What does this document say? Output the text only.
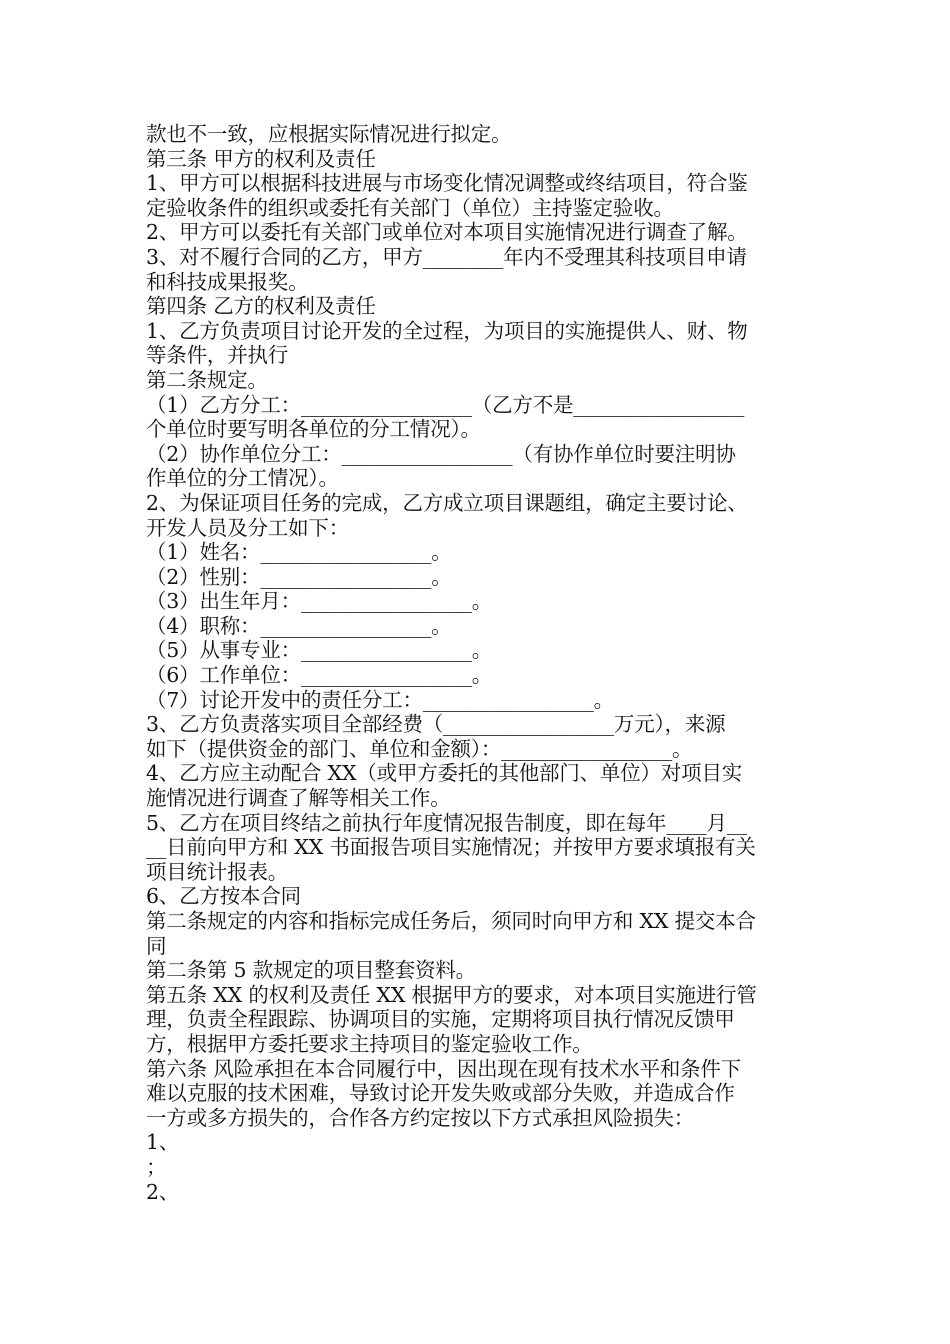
款也不一致，应根据实际情况进行拟定。
第三条 甲方的权利及责任
1、甲方可以根据科技进展与市场变化情况调整或终结项目，符合鉴
定验收条件的组织或委托有关部门（单位）主持鉴定验收。
2、甲方可以委托有关部门或单位对本项目实施情况进行调查了解。
3、对不履行合同的乙方，甲方________年内不受理其科技项目申请
和科技成果报奖。
第四条 乙方的权利及责任
1、乙方负责项目讨论开发的全过程，为项目的实施提供人、财、物
等条件，并执行
第二条规定。
（1）乙方分工：_________________（乙方不是_________________
个单位时要写明各单位的分工情况）。
（2）协作单位分工：_________________（有协作单位时要注明协
作单位的分工情况）。
2、为保证项目任务的完成，乙方成立项目课题组，确定主要讨论、
开发人员及分工如下：
（1）姓名：_________________。
（2）性别：_________________。
（3）出生年月：_________________。
（4）职称：_________________。
（5）从事专业：_________________。
（6）工作单位：_________________。
（7）讨论开发中的责任分工：_________________。
3、乙方负责落实项目全部经费（_________________万元），来源
如下（提供资金的部门、单位和金额）：_________________。
4、乙方应主动配合 XX（或甲方委托的其他部门、单位）对项目实
施情况进行调查了解等相关工作。
5、乙方在项目终结之前执行年度情况报告制度，即在每年____月__
__日前向甲方和 XX 书面报告项目实施情况；并按甲方要求填报有关
项目统计报表。
6、乙方按本合同
第二条规定的内容和指标完成任务后，须同时向甲方和 XX 提交本合
同
第二条第 5 款规定的项目整套资料。
第五条 XX 的权利及责任 XX 根据甲方的要求，对本项目实施进行管
理，负责全程跟踪、协调项目的实施，定期将项目执行情况反馈甲
方，根据甲方委托要求主持项目的鉴定验收工作。
第六条 风险承担在本合同履行中，因出现在现有技术水平和条件下
难以克服的技术困难，导致讨论开发失败或部分失败，并造成合作
一方或多方损失的，合作各方约定按以下方式承担风险损失：
1、
；
2、
